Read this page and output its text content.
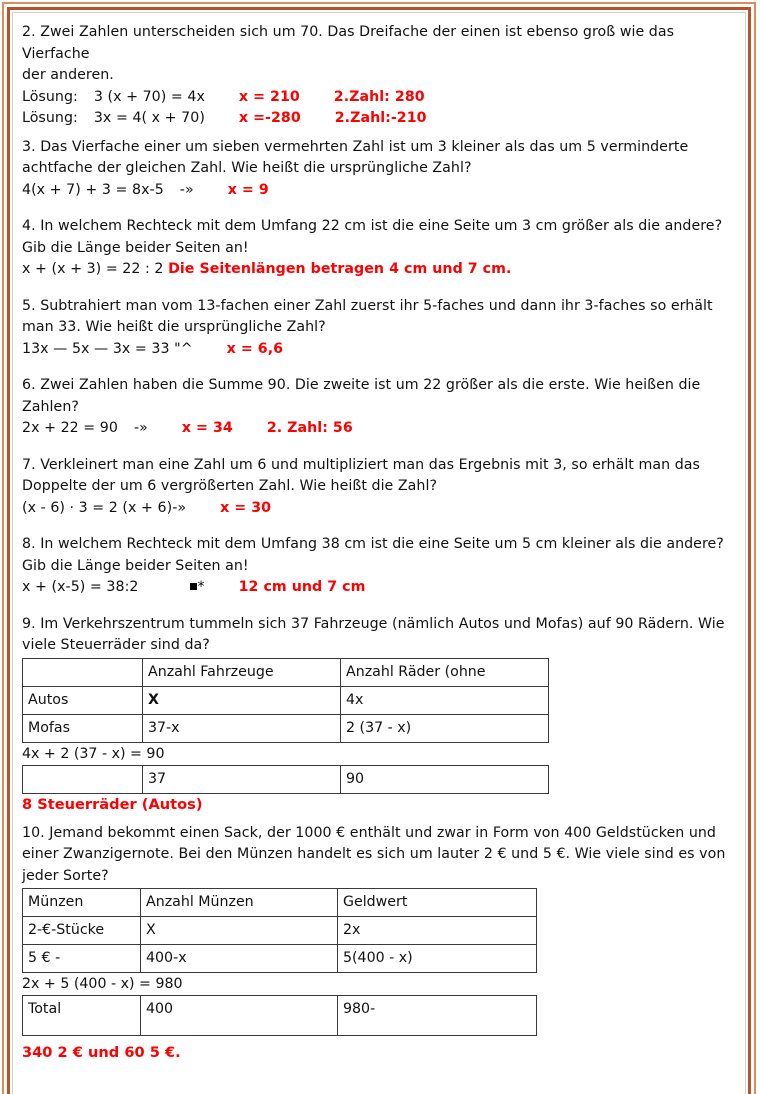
2. Zwei Zahlen unterscheiden sich um 70. Das Dreifache der einen ist ebenso groß wie das Vierfache

der anderen.

Lösung: 3 (x + 70) = 4x x = 210 2.Zahl: 280

Lösung: 3x = 4( x + 70) x =-280 2.Zahl:-210

3. Das Vierfache einer um sieben vermehrten Zahl ist um 3 kleiner als das um 5 verminderte

achtfache der gleichen Zahl. Wie heißt die ursprüngliche Zahl?

4(x + 7) + 3 = 8x-5 -» x = 9

4. In welchem Rechteck mit dem Umfang 22 cm ist die eine Seite um 3 cm größer als die andere?

Gib die Länge beider Seiten an!

x + (x + 3) = 22 : 2 Die Seitenlängen betragen 4 cm und 7 cm.

5. Subtrahiert man vom 13-fachen einer Zahl zuerst ihr 5-faches und dann ihr 3-faches so erhält

man 33. Wie heißt die ursprüngliche Zahl?

13x — 5x — 3x = 33 "^ x = 6,6

6. Zwei Zahlen haben die Summe 90. Die zweite ist um 22 größer als die erste. Wie heißen die

Zahlen?

2x + 22 = 90 -» x = 34 2. Zahl: 56

7. Verkleinert man eine Zahl um 6 und multipliziert man das Ergebnis mit 3, so erhält man das

Doppelte der um 6 vergrößerten Zahl. Wie heißt die Zahl?

(x - 6) · 3 = 2 (x + 6)-» x = 30

8. In welchem Rechteck mit dem Umfang 38 cm ist die eine Seite um 5 cm kleiner als die andere?

Gib die Länge beider Seiten an!

x + (x-5) = 38:2	* 12 cm und 7 cm

9. Im Verkehrszentrum tummeln sich 37 Fahrzeuge (nämlich Autos und Mofas) auf 90 Rädern. Wie

viele Steuerräder sind da?

	Anzahl Fahrzeuge	Anzahl Räder (ohne
Autos	X	4x
Mofas	37-x	2 (37 - x)

4x + 2 (37 - x) = 90

	37	90

8 Steuerräder (Autos)

10. Jemand bekommt einen Sack, der 1000 € enthält und zwar in Form von 400 Geldstücken und

einer Zwanzigernote. Bei den Münzen handelt es sich um lauter 2 € und 5 €. Wie viele sind es von

jeder Sorte?

Münzen	Anzahl Münzen	Geldwert
2-€-Stücke	X	2x
5 € -	400-x	5(400 - x)

2x + 5 (400 - x) = 980

Total	400	980-

340 2 € und 60 5 €.
